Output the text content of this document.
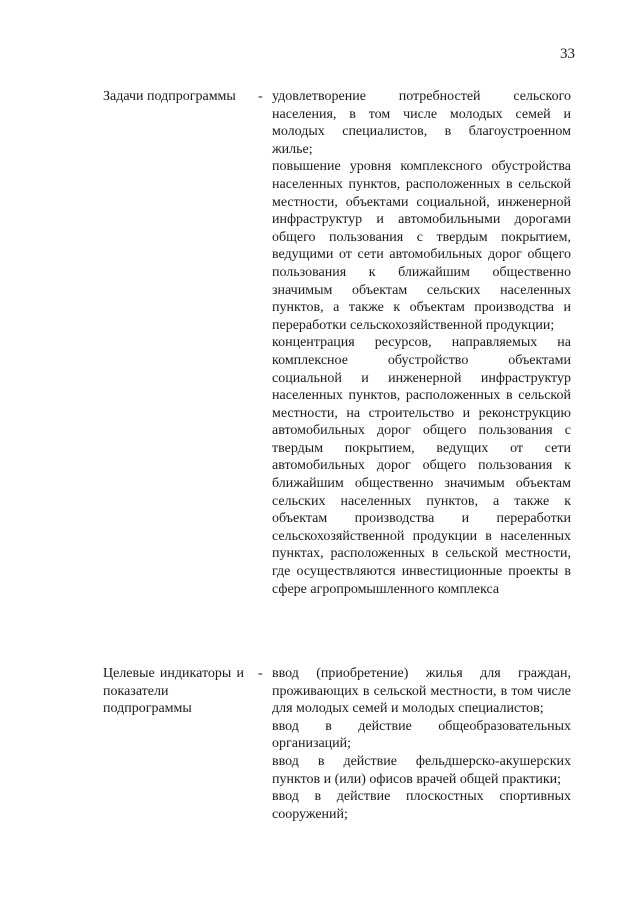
33
Задачи подпрограммы	- удовлетворение потребностей сельского населения, в том числе молодых семей и молодых специалистов, в благоустроенном жилье;

повышение уровня комплексного обустройства населенных пунктов, расположенных в сельской местности, объектами социальной, инженерной инфраструктур и автомобильными дорогами общего пользования с твердым покрытием, ведущими от сети автомобильных дорог общего пользования к ближайшим общественно значимым объектам сельских населенных пунктов, а также к объектам производства и переработки сельскохозяйственной продукции;

концентрация ресурсов, направляемых на комплексное обустройство объектами социальной и инженерной инфраструктур населенных пунктов, расположенных в сельской местности, на строительство и реконструкцию автомобильных дорог общего пользования с твердым покрытием, ведущих от сети автомобильных дорог общего пользования к ближайшим общественно значимым объектам сельских населенных пунктов, а также к объектам производства и переработки сельскохозяйственной продукции в населенных пунктах, расположенных в сельской местности, где осуществляются инвестиционные проекты в сфере агропромышленного комплекса

Целевые индикаторы и показатели подпрограммы
- ввод (приобретение) жилья для граждан, проживающих в сельской местности, в том числе для молодых семей и молодых специалистов;

ввод в действие общеобразовательных организаций;

ввод в действие фельдшерско-акушерских пунктов и (или) офисов врачей общей практики;

ввод в действие плоскостных спортивных сооружений;
